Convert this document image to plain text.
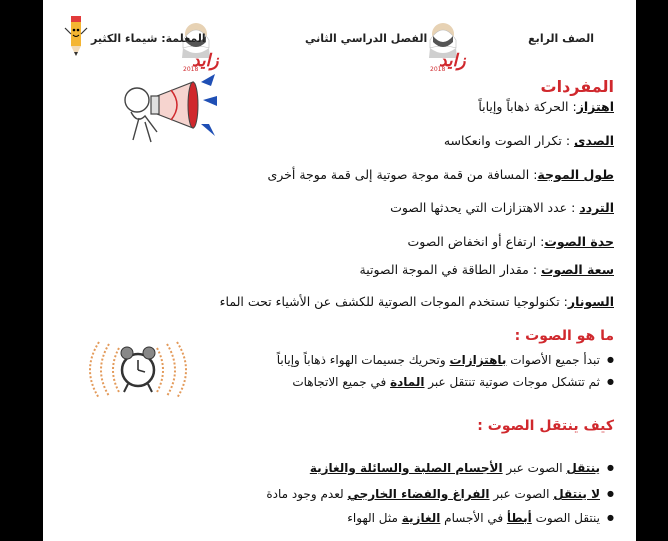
الصف الرابع
زايد
2018
الفصل الدراسي الثاني
زايد
2018
المعلمة: شيماء الكثير
المفردات
اهتزاز: الحركة ذهاباً وإياباً
الصدى : تكرار الصوت وانعكاسه
طول الموجة: المسافة من قمة موجة صوتية إلى قمة موجة أخرى
التردد : عدد الاهتزازات التي يحدثها الصوت
حدة الصوت: ارتفاع أو انخفاض الصوت
سعة الصوت : مقدار الطاقة في الموجة الصوتية
السونار: تكنولوجيا تستخدم الموجات الصوتية للكشف عن الأشياء تحت الماء
ما هو الصوت :
● تبدأ جميع الأصوات باهتزازات وتحريك جسيمات الهواء ذهاباً وإياباً
● ثم تتشكل موجات صوتية تنتقل عبر المادة في جميع الاتجاهات
كيف ينتقل الصوت :
● ينتقل الصوت عبر الأجسام الصلبة والسائلة والغازية
● لا ينتقل الصوت عبر الفراغ والفضاء الخارجي لعدم وجود مادة
● ينتقل الصوت أبطأ في الأجسام الغازية مثل الهواء
